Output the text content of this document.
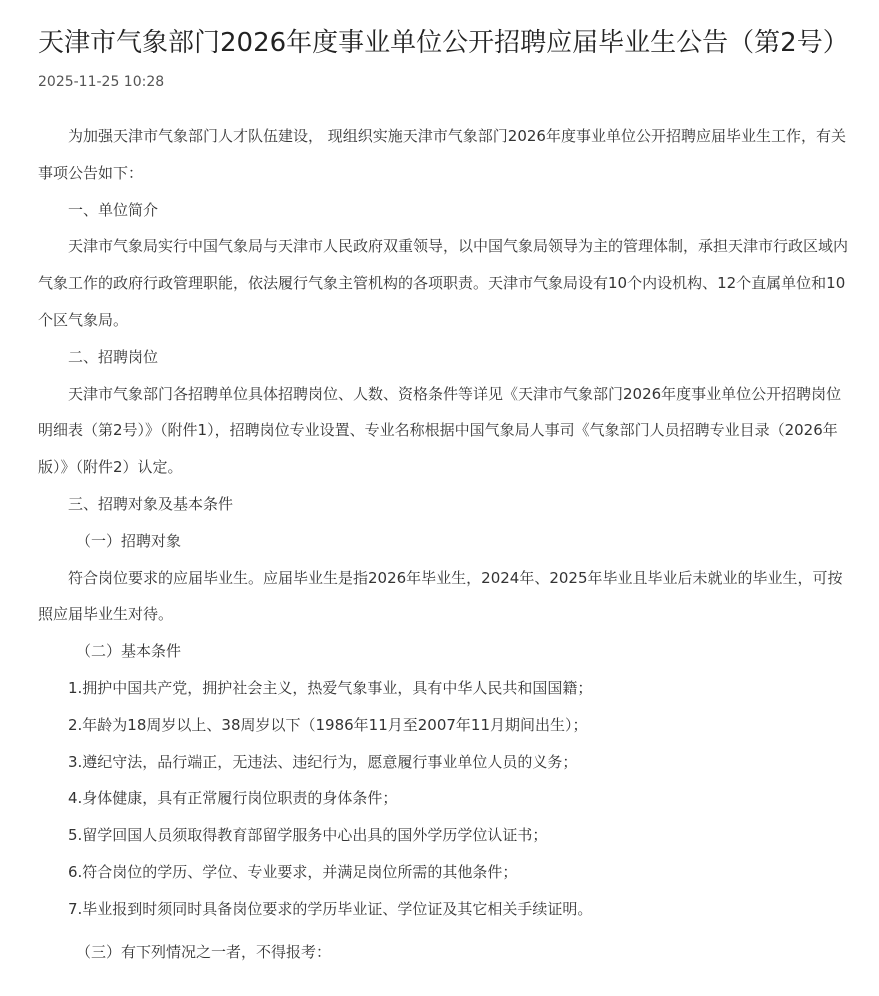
天津市气象部门2026年度事业单位公开招聘应届毕业生公告（第2号）
2025-11-25 10:28

为加强天津市气象部门人才队伍建设， 现组织实施天津市气象部门2026年度事业单位公开招聘应届毕业生工作，有关事项公告如下：

一、单位简介

天津市气象局实行中国气象局与天津市人民政府双重领导，以中国气象局领导为主的管理体制，承担天津市行政区域内气象工作的政府行政管理职能，依法履行气象主管机构的各项职责。天津市气象局设有10个内设机构、12个直属单位和10个区气象局。

二、招聘岗位

天津市气象部门各招聘单位具体招聘岗位、人数、资格条件等详见《天津市气象部门2026年度事业单位公开招聘岗位明细表（第2号）》（附件1），招聘岗位专业设置、专业名称根据中国气象局人事司《气象部门人员招聘专业目录（2026年版）》（附件2）认定。

三、招聘对象及基本条件

（一）招聘对象

符合岗位要求的应届毕业生。应届毕业生是指2026年毕业生，2024年、2025年毕业且毕业后未就业的毕业生，可按照应届毕业生对待。

（二）基本条件

1.拥护中国共产党，拥护社会主义，热爱气象事业，具有中华人民共和国国籍；

2.年龄为18周岁以上、38周岁以下（1986年11月至2007年11月期间出生）；

3.遵纪守法，品行端正，无违法、违纪行为，愿意履行事业单位人员的义务；

4.身体健康，具有正常履行岗位职责的身体条件；

5.留学回国人员须取得教育部留学服务中心出具的国外学历学位认证书；

6.符合岗位的学历、学位、专业要求，并满足岗位所需的其他条件；

7.毕业报到时须同时具备岗位要求的学历毕业证、学位证及其它相关手续证明。

（三）有下列情况之一者，不得报考：
